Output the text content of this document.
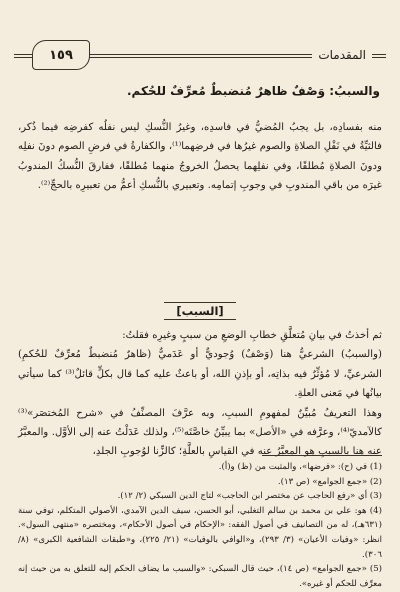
المقدمات
١٥٩
والسببُ: وَصْفٌ ظاهرٌ مُنضبطٌ مُعرِّفٌ للحُكم.

منه بفسادِه، بل يجبُ المُضيُّ في فاسدِه، وغيرُ النُّسكِ ليس نفلُه كفرضِه فيما ذُكر، فالثيِّةُ في نَفْلِ الصلاةِ والصوم غيرُها في فرضِهما⁽¹⁾، والكفارةُ في فرضِ الصوم دونَ نفلِه ودونَ الصلاةِ مُطلقًا، وفي نفلِهما يحصلُ الخروجُ منهما مُطلقًا، ففارقَ النُّسكُ المندوبُ غيرَه من باقي المندوبِ في وجوبِ إتمامِه. وتعبيري بالنُّسكِ أعمُّ من تعبيرِه بالحجِّ⁽²⁾.

[السبب]

ثم أخذتُ في بيانِ مُتعلَّقِ خطابِ الوضعِ من سببٍ وغيرِه فقلتُ:

(والسببُ) الشرعيُّ هنا (وَصْفٌ) وُجوديٌّ أو عَدَميٌّ (ظاهرٌ مُنضبطٌ مُعرِّفٌ للحُكمِ) الشرعيِّ، لا مُؤثِّرٌ فيه بذاتِه، أو بإذنِ الله، أو باعثٌ عليه كما قال بكلٍّ قائلٌ⁽³⁾ كما سيأتي بيانُها في مَعنى العلةِ.

وهذا التعريفُ مُبيِّنٌ لمفهومِ السببِ، وبه عرَّفَ المصنِّفُ في «شرح المُختصَر»⁽³⁾ كالآمديّ⁽⁴⁾، وعرَّفه في «الأصل» بما يبيِّنُ خاصَّتَه⁽⁵⁾، ولذلك عَدَلْتُ عنه إلى الأوَّل. والمعبَّرُ عنه هنا بالسببِ هو المعبَّرُ عنه في القياسِ بالعلَّةِ؛ كالزِّنا لوُجوبِ الجلدِ،

(1) في (ح): «فرضها»، والمثبت من (ظ) و(أ).

(2) «جمع الجوامع» (ص ١٣).

(3) أي «رفع الحاجب عن مختصر ابن الحاجب» لتاج الدين السبكي (٢/ ١٢).

(4) هو: علي بن محمد بن سالم التغلبي، أبو الحسن، سيف الدين الآمدي، الأصولي المتكلم، توفي سنة (٦٣١هـ)، له من التصانيف في أصول الفقه: «الإحكام في أصول الأحكام»، ومختصره «منتهى السول». انظر: «وفيات الأعيان» (٣/ ٢٩٣)، و«الوافي بالوفيات» (٢١/ ٢٢٥)، و«طبقات الشافعية الكبرى» (٨/ ٣٠٦).

(5) «جمع الجوامع» (ص ١٤)، حيث قال السبكي: «والسبب ما يضاف الحكم إليه للتعلق به من حيث إنه معرِّف للحكم أو غيره».
